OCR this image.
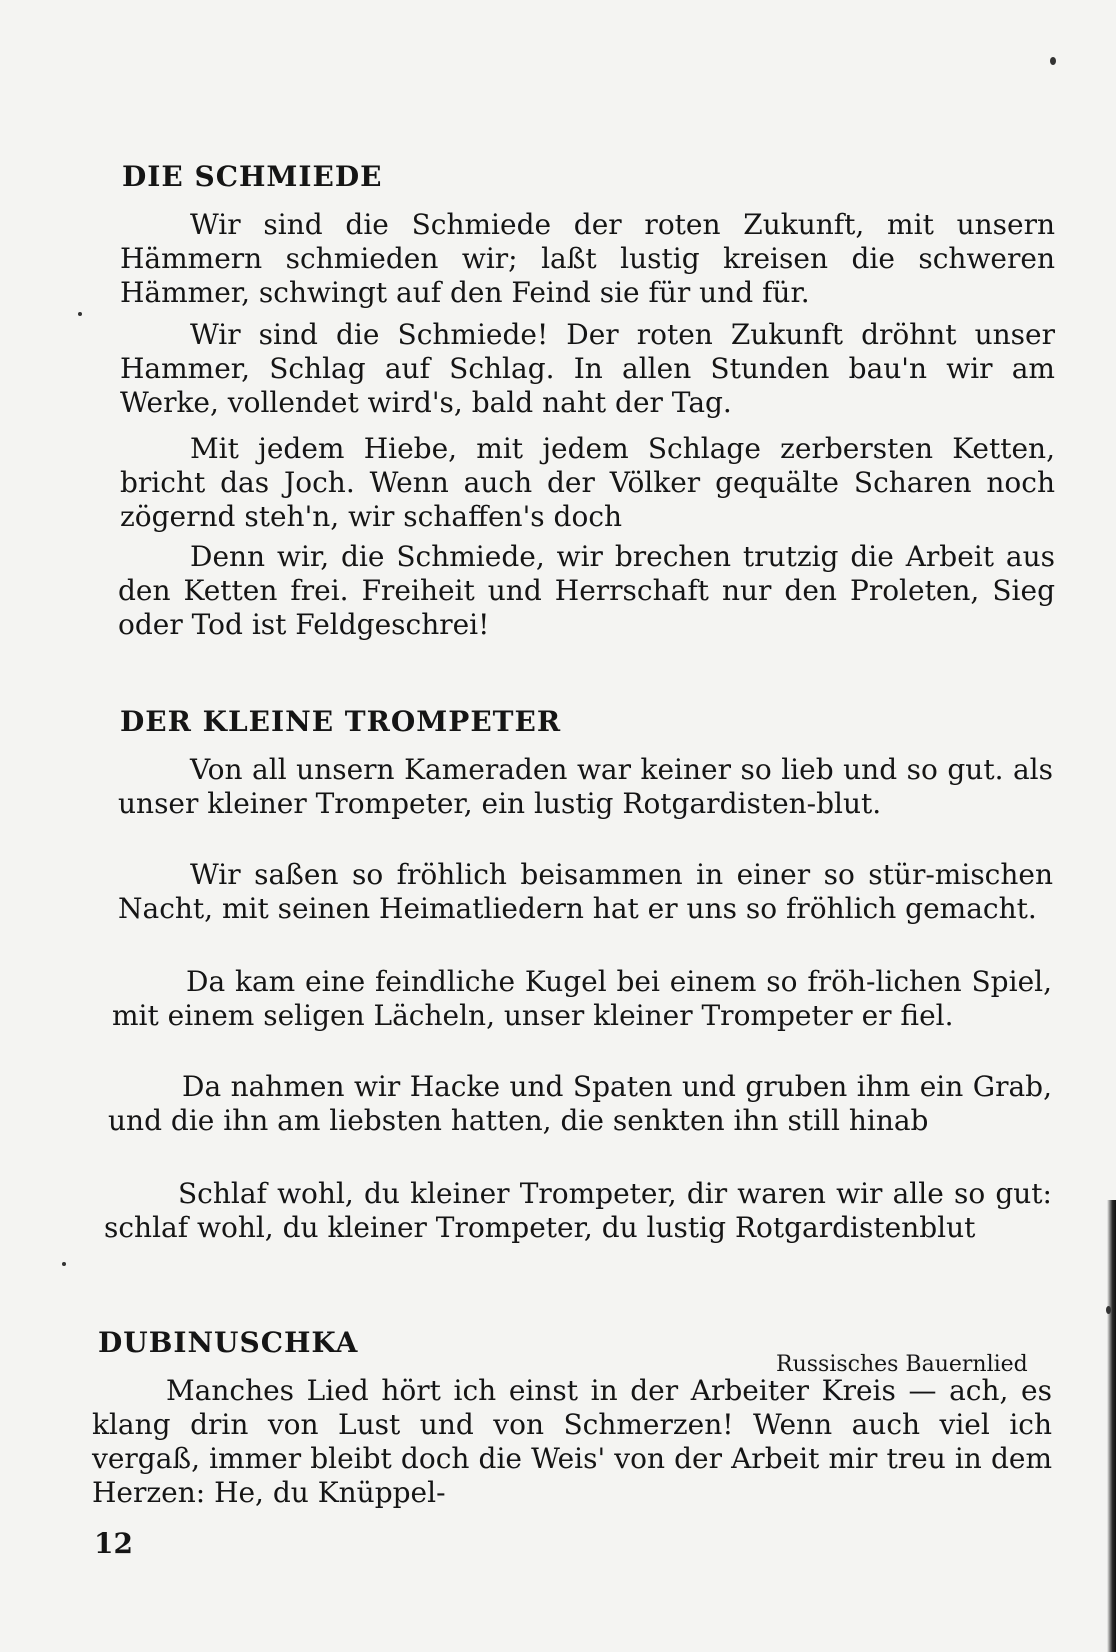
DIE SCHMIEDE

Wir sind die Schmiede der roten Zukunft, mit unsern Hämmern schmieden wir; laßt lustig kreisen die schweren Hämmer, schwingt auf den Feind sie für und für.

Wir sind die Schmiede! Der roten Zukunft dröhnt unser Hammer, Schlag auf Schlag. In allen Stunden bau'n wir am Werke, vollendet wird's, bald naht der Tag.

Mit jedem Hiebe, mit jedem Schlage zerbersten Ketten, bricht das Joch. Wenn auch der Völker gequälte Scharen noch zögernd steh'n, wir schaffen's doch

Denn wir, die Schmiede, wir brechen trutzig die Arbeit aus den Ketten frei. Freiheit und Herrschaft nur den Proleten, Sieg oder Tod ist Feldgeschrei!

DER KLEINE TROMPETER

Von all unsern Kameraden war keiner so lieb und so gut. als unser kleiner Trompeter, ein lustig Rotgardisten-blut.

Wir saßen so fröhlich beisammen in einer so stür-mischen Nacht, mit seinen Heimatliedern hat er uns so fröhlich gemacht.

Da kam eine feindliche Kugel bei einem so fröh-lichen Spiel, mit einem seligen Lächeln, unser kleiner Trompeter er fiel.

Da nahmen wir Hacke und Spaten und gruben ihm ein Grab, und die ihn am liebsten hatten, die senkten ihn still hinab

Schlaf wohl, du kleiner Trompeter, dir waren wir alle so gut: schlaf wohl, du kleiner Trompeter, du lustig Rotgardistenblut

DUBINUSCHKA
Russisches Bauernlied

Manches Lied hört ich einst in der Arbeiter Kreis — ach, es klang drin von Lust und von Schmerzen! Wenn auch viel ich vergaß, immer bleibt doch die Weis' von der Arbeit mir treu in dem Herzen: He, du Knüppel-

12
